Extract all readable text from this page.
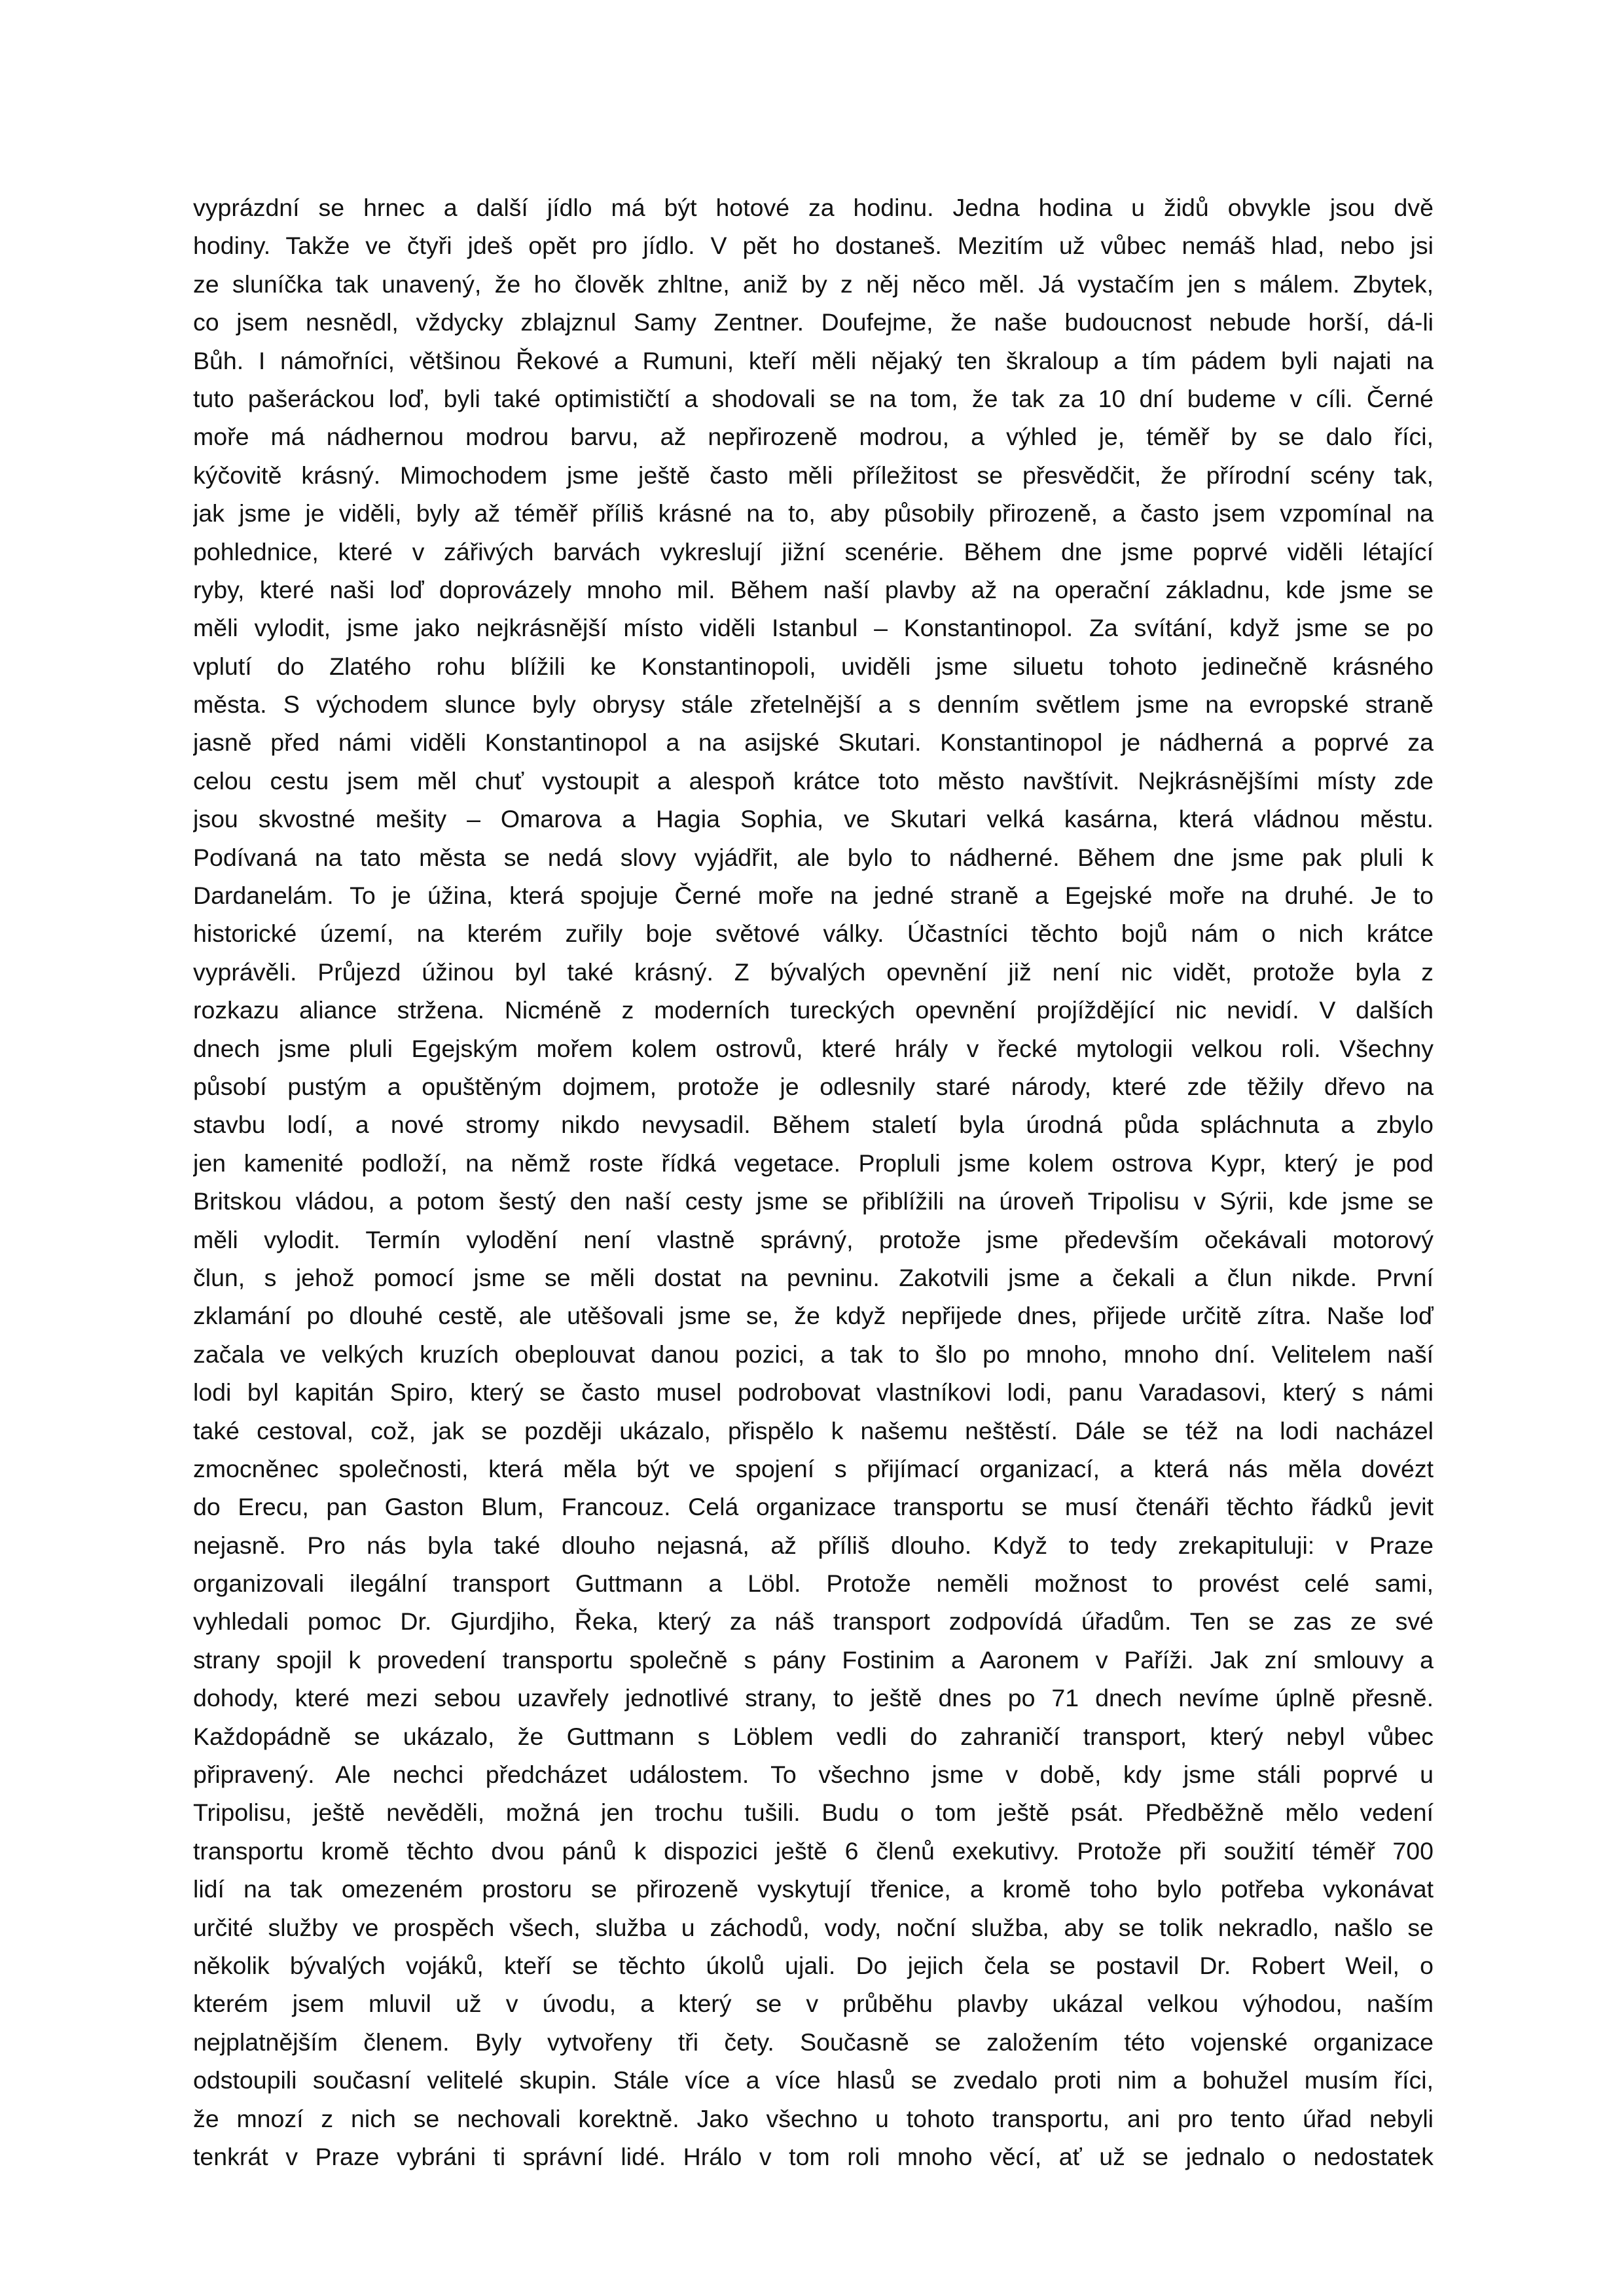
vyprázdní se hrnec a další jídlo má být hotové za hodinu. Jedna hodina u židů obvykle jsou dvě
hodiny. Takže ve čtyři jdeš opět pro jídlo. V pět ho dostaneš. Mezitím už vůbec nemáš hlad, nebo jsi
ze sluníčka tak unavený, že ho člověk zhltne, aniž by z něj něco měl. Já vystačím jen s málem. Zbytek,
co jsem nesnědl, vždycky zblajznul Samy Zentner. Doufejme, že naše budoucnost nebude horší, dá-li
Bůh. I námořníci, většinou Řekové a Rumuni, kteří měli nějaký ten škraloup a tím pádem byli najati na
tuto pašeráckou loď, byli také optimističtí a shodovali se na tom, že tak za 10 dní budeme v cíli. Černé
moře má nádhernou modrou barvu, až nepřirozeně modrou, a výhled je, téměř by se dalo říci,
kýčovitě krásný. Mimochodem jsme ještě často měli příležitost se přesvědčit, že přírodní scény tak,
jak jsme je viděli, byly až téměř příliš krásné na to, aby působily přirozeně, a často jsem vzpomínal na
pohlednice, které v zářivých barvách vykreslují jižní scenérie. Během dne jsme poprvé viděli létající
ryby, které naši loď doprovázely mnoho mil. Během naší plavby až na operační základnu, kde jsme se
měli vylodit, jsme jako nejkrásnější místo viděli Istanbul – Konstantinopol. Za svítání, když jsme se po
vplutí do Zlatého rohu blížili ke Konstantinopoli, uviděli jsme siluetu tohoto jedinečně krásného
města. S východem slunce byly obrysy stále zřetelnější a s denním světlem jsme na evropské straně
jasně před námi viděli Konstantinopol a na asijské Skutari. Konstantinopol je nádherná a poprvé za
celou cestu jsem měl chuť vystoupit a alespoň krátce toto město navštívit. Nejkrásnějšími místy zde
jsou skvostné mešity – Omarova a Hagia Sophia, ve Skutari velká kasárna, která vládnou městu.
Podívaná na tato města se nedá slovy vyjádřit, ale bylo to nádherné. Během dne jsme pak pluli k
Dardanelám. To je úžina, která spojuje Černé moře na jedné straně a Egejské moře na druhé. Je to
historické území, na kterém zuřily boje světové války. Účastníci těchto bojů nám o nich krátce
vyprávěli. Průjezd úžinou byl také krásný. Z bývalých opevnění již není nic vidět, protože byla z
rozkazu aliance stržena. Nicméně z moderních tureckých opevnění projíždějící nic nevidí. V dalších
dnech jsme pluli Egejským mořem kolem ostrovů, které hrály v řecké mytologii velkou roli. Všechny
působí pustým a opuštěným dojmem, protože je odlesnily staré národy, které zde těžily dřevo na
stavbu lodí, a nové stromy nikdo nevysadil. Během staletí byla úrodná půda spláchnuta a zbylo
jen kamenité podloží, na němž roste řídká vegetace. Propluli jsme kolem ostrova Kypr, který je pod
Britskou vládou, a potom šestý den naší cesty jsme se přiblížili na úroveň Tripolisu v Sýrii, kde jsme se
měli vylodit. Termín vylodění není vlastně správný, protože jsme především očekávali motorový
člun, s jehož pomocí jsme se měli dostat na pevninu. Zakotvili jsme a čekali a člun nikde. První
zklamání po dlouhé cestě, ale utěšovali jsme se, že když nepřijede dnes, přijede určitě zítra. Naše loď
začala ve velkých kruzích obeplouvat danou pozici, a tak to šlo po mnoho, mnoho dní. Velitelem naší
lodi byl kapitán Spiro, který se často musel podrobovat vlastníkovi lodi, panu Varadasovi, který s námi
také cestoval, což, jak se později ukázalo, přispělo k našemu neštěstí. Dále se též na lodi nacházel
zmocněnec společnosti, která měla být ve spojení s přijímací organizací, a která nás měla dovézt
do Erecu, pan Gaston Blum, Francouz. Celá organizace transportu se musí čtenáři těchto řádků jevit
nejasně. Pro nás byla také dlouho nejasná, až příliš dlouho. Když to tedy zrekapituluji: v Praze
organizovali ilegální transport Guttmann a Löbl. Protože neměli možnost to provést celé sami,
vyhledali pomoc Dr. Gjurdjiho, Řeka, který za náš transport zodpovídá úřadům. Ten se zas ze své
strany spojil k provedení transportu společně s pány Fostinim a Aaronem v Paříži. Jak zní smlouvy a
dohody, které mezi sebou uzavřely jednotlivé strany, to ještě dnes po 71 dnech nevíme úplně přesně.
Každopádně se ukázalo, že Guttmann s Löblem vedli do zahraničí transport, který nebyl vůbec
připravený. Ale nechci předcházet událostem. To všechno jsme v době, kdy jsme stáli poprvé u
Tripolisu, ještě nevěděli, možná jen trochu tušili. Budu o tom ještě psát. Předběžně mělo vedení
transportu kromě těchto dvou pánů k dispozici ještě 6 členů exekutivy. Protože při soužití téměř 700
lidí na tak omezeném prostoru se přirozeně vyskytují třenice, a kromě toho bylo potřeba vykonávat
určité služby ve prospěch všech, služba u záchodů, vody, noční služba, aby se tolik nekradlo, našlo se
několik bývalých vojáků, kteří se těchto úkolů ujali. Do jejich čela se postavil Dr. Robert Weil, o
kterém jsem mluvil už v úvodu, a který se v průběhu plavby ukázal velkou výhodou, naším
nejplatnějším členem. Byly vytvořeny tři čety. Současně se založením této vojenské organizace
odstoupili současní velitelé skupin. Stále více a více hlasů se zvedalo proti nim a bohužel musím říci,
že mnozí z nich se nechovali korektně. Jako všechno u tohoto transportu, ani pro tento úřad nebyli
tenkrát v Praze vybráni ti správní lidé. Hrálo v tom roli mnoho věcí, ať už se jednalo o nedostatek
